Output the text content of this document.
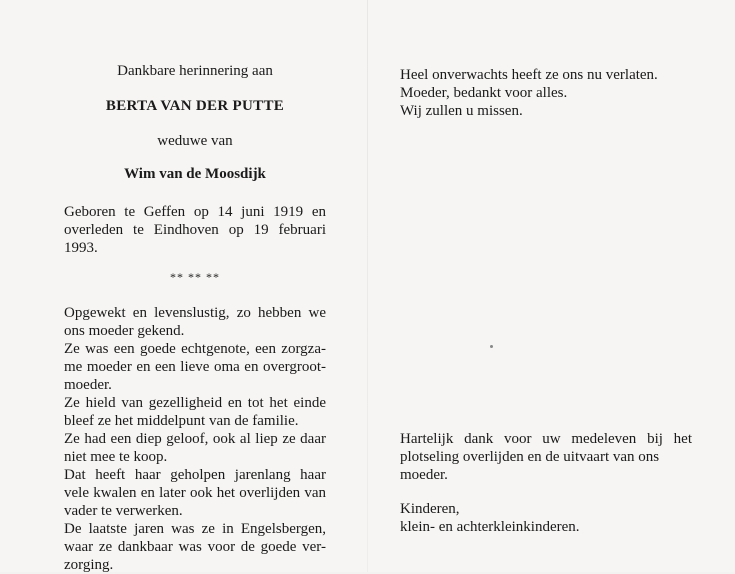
Dankbare herinnering aan
BERTA VAN DER PUTTE
weduwe van
Wim van de Moosdijk
Geboren te Geffen op 14 juni 1919 en
overleden te Eindhoven op 19 februari 1993.
** ** **
Opgewekt en levenslustig, zo hebben we
ons moeder gekend.
Ze was een goede echtgenote, een zorgza-
me moeder en een lieve oma en overgroot-
moeder.
Ze hield van gezelligheid en tot het einde
bleef ze het middelpunt van de familie.
Ze had een diep geloof, ook al liep ze daar
niet mee te koop.
Dat heeft haar geholpen jarenlang haar
vele kwalen en later ook het overlijden van
vader te verwerken.
De laatste jaren was ze in Engelsbergen,
waar ze dankbaar was voor de goede ver-
zorging.
Heel onverwachts heeft ze ons nu verlaten.
Moeder, bedankt voor alles.
Wij zullen u missen.
Hartelijk dank voor uw medeleven bij het
plotseling overlijden en de uitvaart van ons
moeder.
Kinderen,
klein- en achterkleinkinderen.
